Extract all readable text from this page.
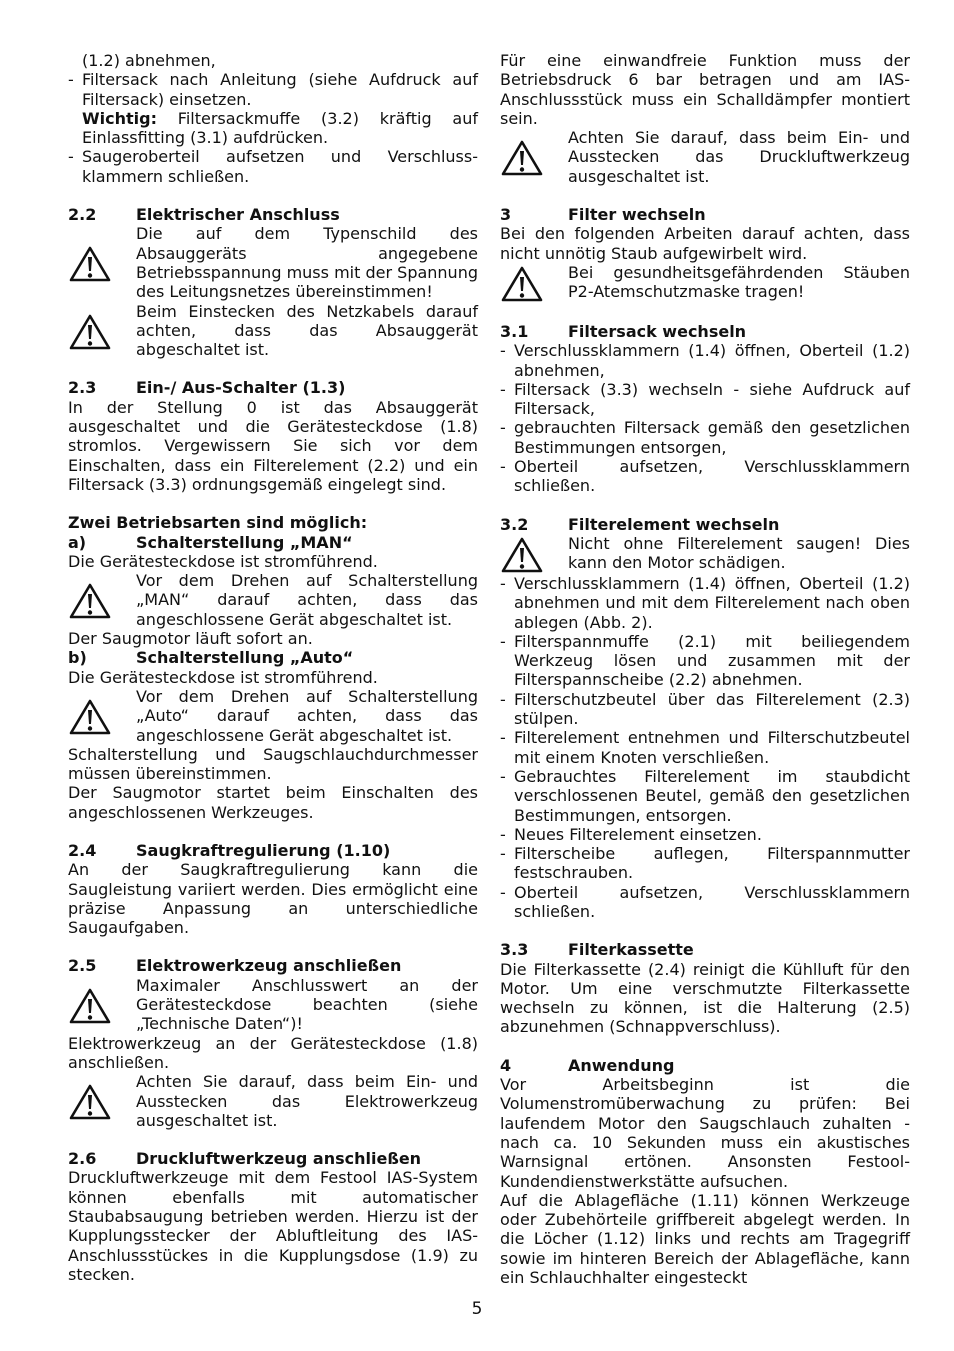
(1.2) abnehmen,

- Filtersack nach Anleitung (siehe Aufdruck auf Filtersack) einsetzen.

Wichtig: Filtersackmuffe (3.2) kräftig auf Einlassfitting (3.1) aufdrücken.

- Saugeroberteil aufsetzen und Verschluss-klammern schließen.
2.2	Elektrischer Anschluss
Die auf dem Typenschild des Absauggeräts angegebene Betriebsspannung muss mit der Spannung des Leitungsnetzes übereinstimmen!
Beim Einstecken des Netzkabels darauf achten, dass das Absauggerät abgeschaltet ist.
2.3	Ein-/ Aus-Schalter (1.3)

In der Stellung 0 ist das Absauggerät ausgeschaltet und die Gerätesteckdose (1.8) stromlos. Vergewissern Sie sich vor dem Einschalten, dass ein Filterelement (2.2) und ein Filtersack (3.3) ordnungsgemäß eingelegt sind.

Zwei Betriebsarten sind möglich:

a)	Schalterstellung „MAN“

Die Gerätesteckdose ist stromführend.

Vor dem Drehen auf Schalterstellung „MAN“ darauf achten, dass das angeschlossene Gerät abgeschaltet ist.

Der Saugmotor läuft sofort an.

b)	Schalterstellung „Auto“

Die Gerätesteckdose ist stromführend.

Vor dem Drehen auf Schalterstellung „Auto“ darauf achten, dass das angeschlossene Gerät abgeschaltet ist.

Schalterstellung und Saugschlauchdurchmesser müssen übereinstimmen.

Der Saugmotor startet beim Einschalten des angeschlossenen Werkzeuges.

2.4	Saugkraftregulierung (1.10)

An der Saugkraftregulierung kann die Saugleistung variiert werden. Dies ermöglicht eine präzise Anpassung an unterschiedliche Saugaufgaben.

2.5	Elektrowerkzeug anschließen
Maximaler Anschlusswert an der Gerätesteckdose beachten (siehe „Technische Daten“)!

Elektrowerkzeug an der Gerätesteckdose (1.8) anschließen.

Achten Sie darauf, dass beim Ein- und Ausstecken das Elektrowerkzeug ausgeschaltet ist.
2.6	Druckluftwerkzeug anschließen

Druckluftwerkzeuge mit dem Festool IAS-System können ebenfalls mit automatischer Staubabsaugung betrieben werden. Hierzu ist der Kupplungsstecker der Abluftleitung des IAS-Anschlussstückes in die Kupplungsdose (1.9) zu stecken.

Für eine einwandfreie Funktion muss der Betriebsdruck 6 bar betragen und am IAS-Anschlussstück muss ein Schalldämpfer montiert sein.

Achten Sie darauf, dass beim Ein- und Ausstecken das Druckluftwerkzeug ausgeschaltet ist.
3	Filter wechseln

Bei den folgenden Arbeiten darauf achten, dass nicht unnötig Staub aufgewirbelt wird.

Bei gesundheitsgefährdenden Stäuben P2-Atemschutzmaske tragen!
3.1	Filtersack wechseln
- Verschlussklammern (1.4) öffnen, Oberteil (1.2) abnehmen,
- Filtersack (3.3) wechseln - siehe Aufdruck auf Filtersack,
- gebrauchten Filtersack gemäß den gesetzlichen Bestimmungen entsorgen,
- Oberteil aufsetzen, Verschlussklammern schließen.
3.2	Filterelement wechseln
Nicht ohne Filterelement saugen! Dies kann den Motor schädigen.
- Verschlussklammern (1.4) öffnen, Oberteil (1.2) abnehmen und mit dem Filterelement nach oben ablegen (Abb. 2).
- Filterspannmuffe (2.1) mit beiliegendem Werkzeug lösen und zusammen mit der Filterspannscheibe (2.2) abnehmen.
- Filterschutzbeutel über das Filterelement (2.3) stülpen.
- Filterelement entnehmen und Filterschutzbeutel mit einem Knoten verschließen.
- Gebrauchtes Filterelement im staubdicht verschlossenen Beutel, gemäß den gesetzlichen Bestimmungen, entsorgen.
- Neues Filterelement einsetzen.
- Filterscheibe auflegen, Filterspannmutter festschrauben.
- Oberteil aufsetzen, Verschlussklammern schließen.
3.3	Filterkassette

Die Filterkassette (2.4) reinigt die Kühlluft für den Motor. Um eine verschmutzte Filterkassette wechseln zu können, ist die Halterung (2.5) abzunehmen (Schnappverschluss).

4	Anwendung

Vor Arbeitsbeginn ist die Volumenstromüberwachung zu prüfen: Bei laufendem Motor den Saugschlauch zuhalten - nach ca. 10 Sekunden muss ein akustisches Warnsignal ertönen. Ansonsten Festool-Kundendienstwerkstätte aufsuchen.

Auf die Ablagefläche (1.11) können Werkzeuge oder Zubehörteile griffbereit abgelegt werden. In die Löcher (1.12) links und rechts am Tragegriff sowie im hinteren Bereich der Ablagefläche, kann ein Schlauchhalter eingesteckt

5
